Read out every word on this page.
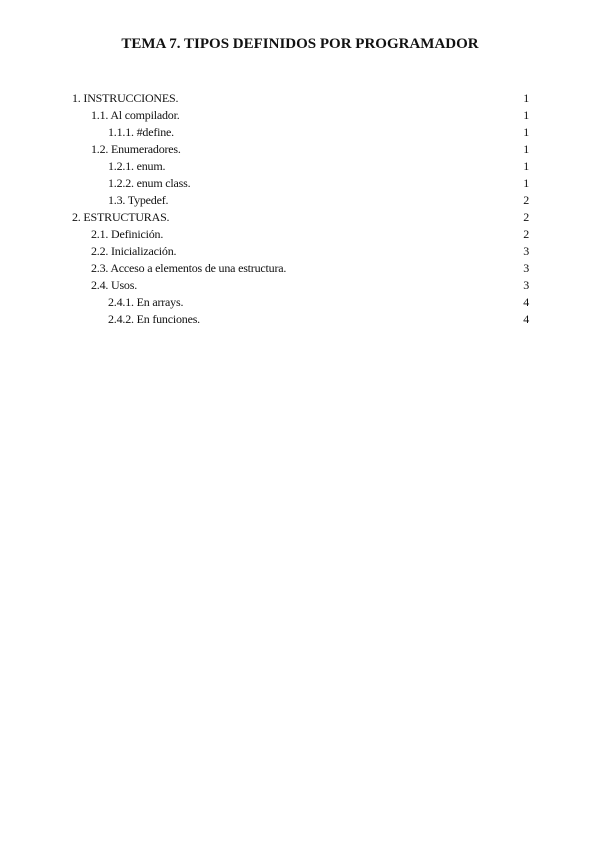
TEMA 7. TIPOS DEFINIDOS POR PROGRAMADOR
1. INSTRUCCIONES.	1
1.1. Al compilador.	1
1.1.1. #define.	1
1.2. Enumeradores.	1
1.2.1. enum.	1
1.2.2. enum class.	1
1.3. Typedef.	2
2. ESTRUCTURAS.	2
2.1. Definición.	2
2.2. Inicialización.	3
2.3. Acceso a elementos de una estructura.	3
2.4. Usos.	3
2.4.1. En arrays.	4
2.4.2. En funciones.	4
